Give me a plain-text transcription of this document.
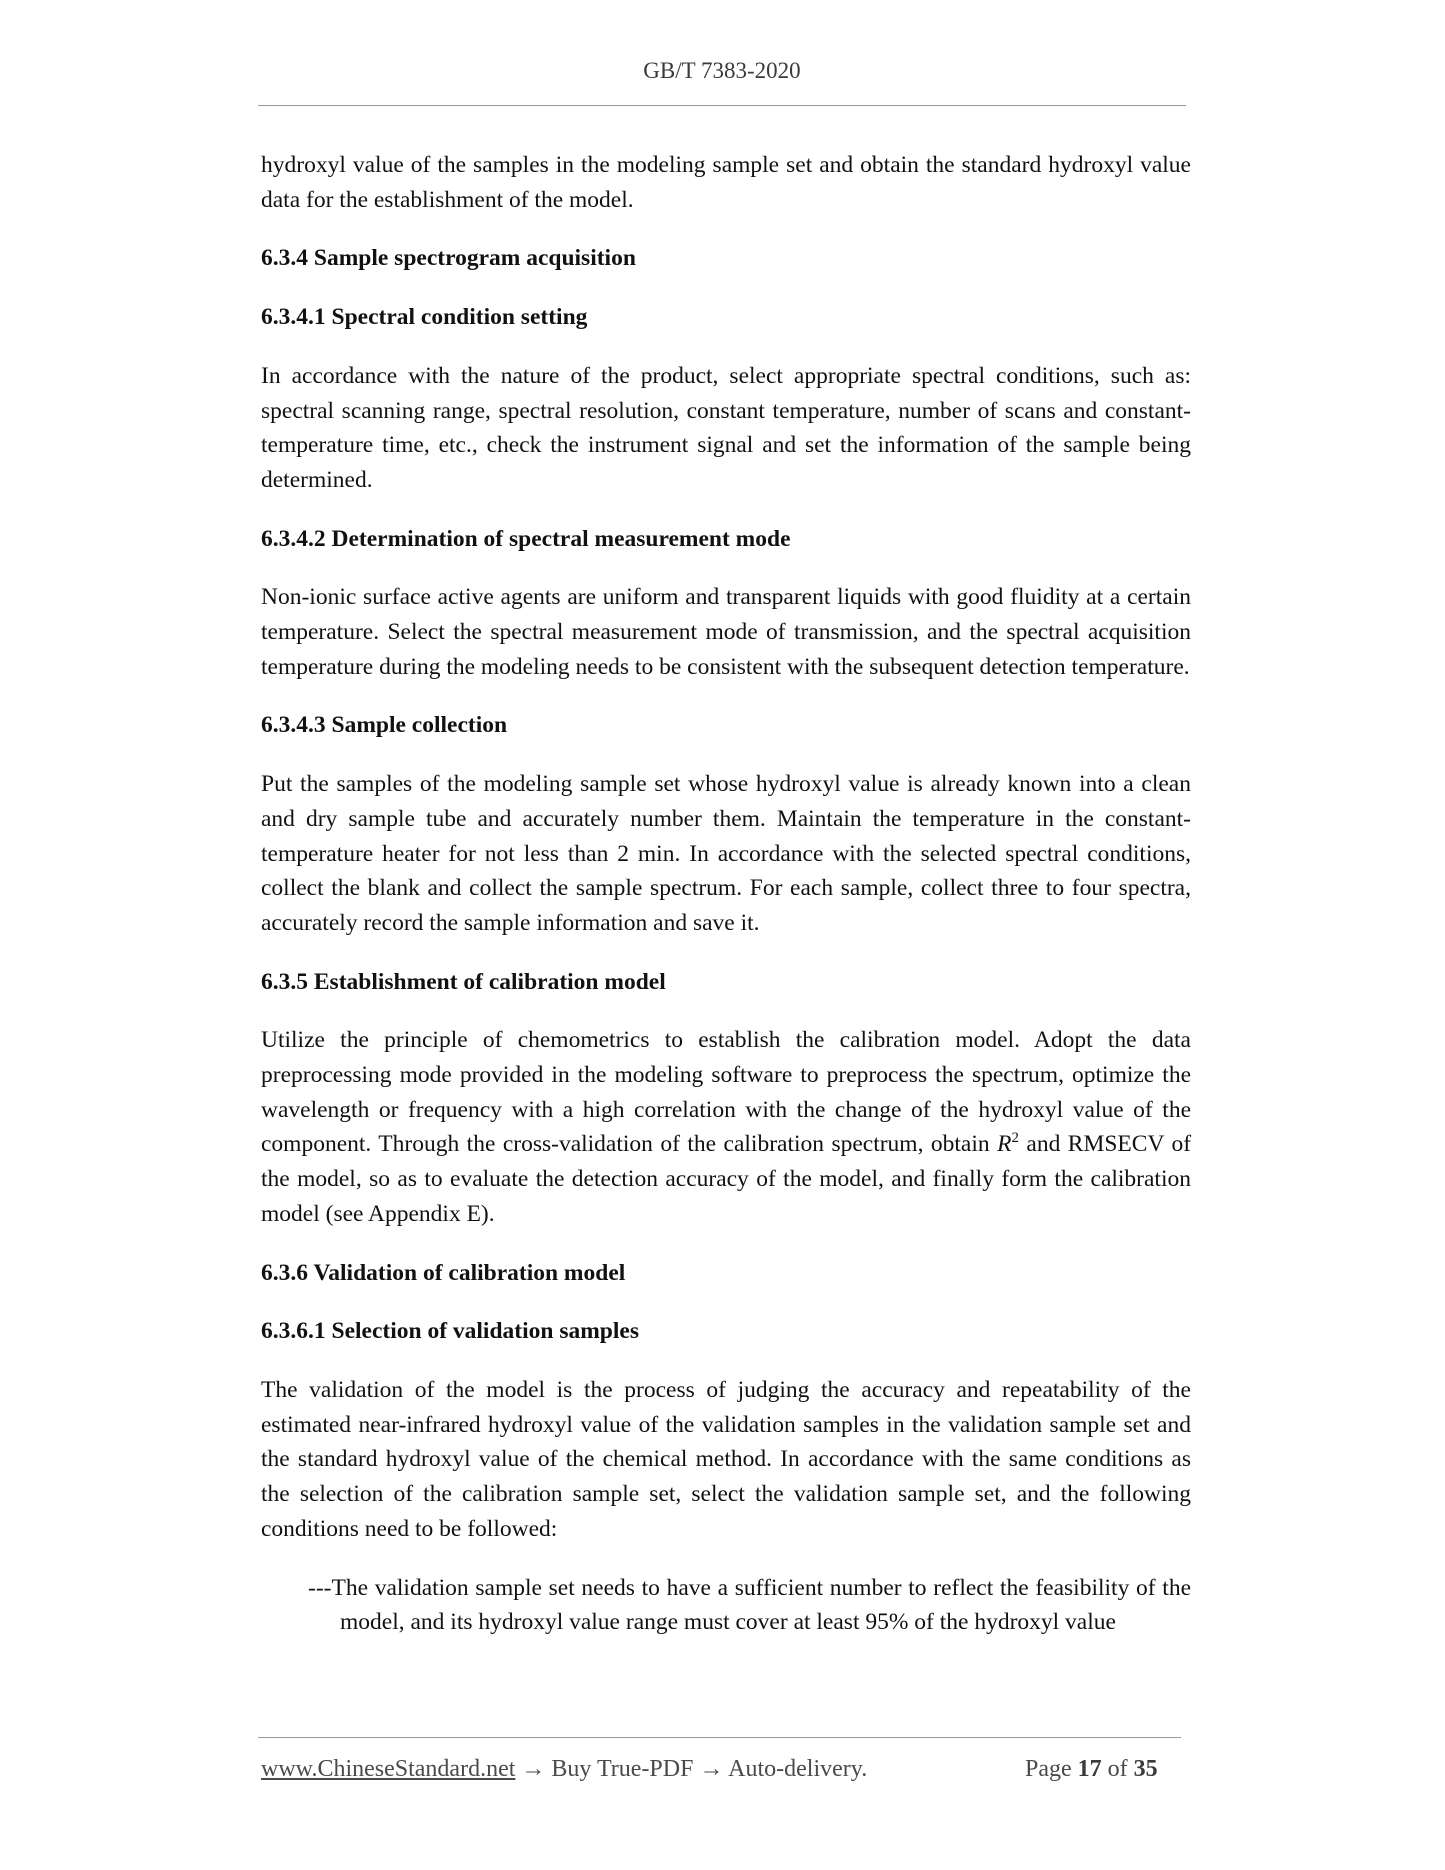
GB/T 7383-2020

hydroxyl value of the samples in the modeling sample set and obtain the standard hydroxyl value data for the establishment of the model.

6.3.4 Sample spectrogram acquisition
6.3.4.1 Spectral condition setting

In accordance with the nature of the product, select appropriate spectral conditions, such as: spectral scanning range, spectral resolution, constant temperature, number of scans and constant-temperature time, etc., check the instrument signal and set the information of the sample being determined.

6.3.4.2 Determination of spectral measurement mode

Non-ionic surface active agents are uniform and transparent liquids with good fluidity at a certain temperature. Select the spectral measurement mode of transmission, and the spectral acquisition temperature during the modeling needs to be consistent with the subsequent detection temperature.

6.3.4.3 Sample collection

Put the samples of the modeling sample set whose hydroxyl value is already known into a clean and dry sample tube and accurately number them. Maintain the temperature in the constant-temperature heater for not less than 2 min. In accordance with the selected spectral conditions, collect the blank and collect the sample spectrum. For each sample, collect three to four spectra, accurately record the sample information and save it.

6.3.5 Establishment of calibration model

Utilize the principle of chemometrics to establish the calibration model. Adopt the data preprocessing mode provided in the modeling software to preprocess the spectrum, optimize the wavelength or frequency with a high correlation with the change of the hydroxyl value of the component. Through the cross-validation of the calibration spectrum, obtain $R^2$ and RMSECV of the model, so as to evaluate the detection accuracy of the model, and finally form the calibration model (see Appendix E).

6.3.6 Validation of calibration model
6.3.6.1 Selection of validation samples

The validation of the model is the process of judging the accuracy and repeatability of the estimated near-infrared hydroxyl value of the validation samples in the validation sample set and the standard hydroxyl value of the chemical method. In accordance with the same conditions as the selection of the calibration sample set, select the validation sample set, and the following conditions need to be followed:

---The validation sample set needs to have a sufficient number to reflect the feasibility of the model, and its hydroxyl value range must cover at least 95% of the hydroxyl value

www.ChineseStandard.net → Buy True-PDF → Auto-delivery.	Page 17 of 35
